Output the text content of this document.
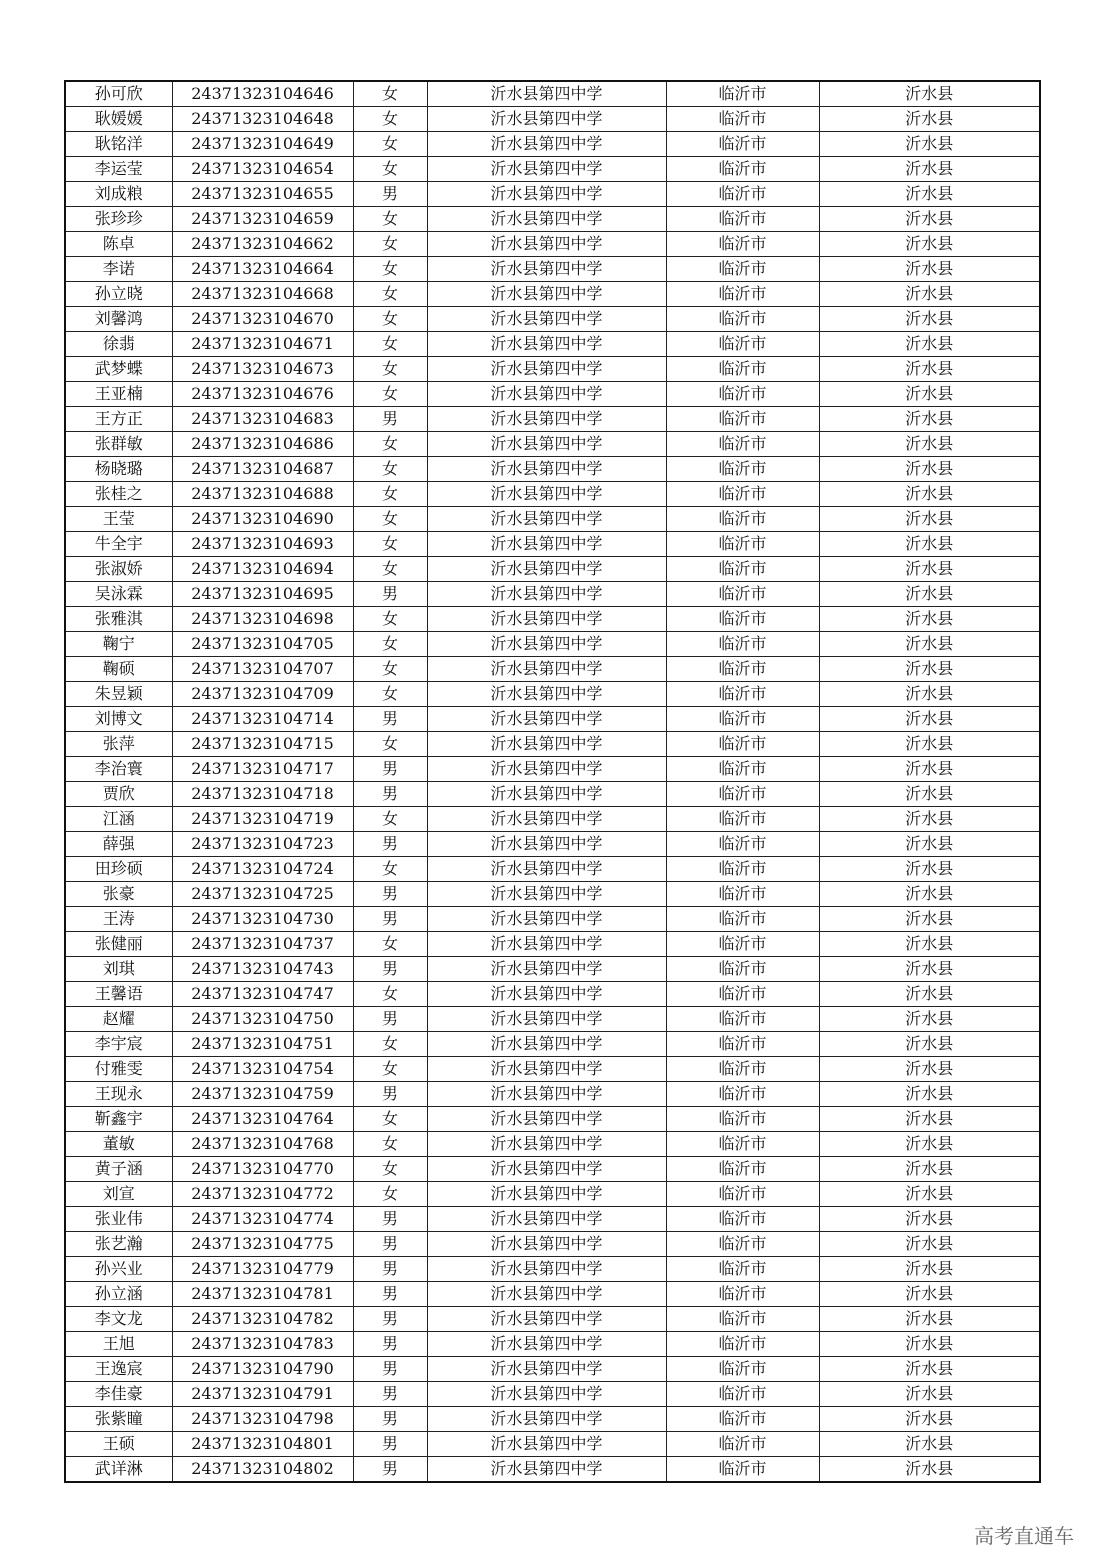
孙可欣	24371323104646	女	沂水县第四中学	临沂市	沂水县
耿媛媛	24371323104648	女	沂水县第四中学	临沂市	沂水县
耿铭洋	24371323104649	女	沂水县第四中学	临沂市	沂水县
李运莹	24371323104654	女	沂水县第四中学	临沂市	沂水县
刘成粮	24371323104655	男	沂水县第四中学	临沂市	沂水县
张珍珍	24371323104659	女	沂水县第四中学	临沂市	沂水县
陈卓	24371323104662	女	沂水县第四中学	临沂市	沂水县
李诺	24371323104664	女	沂水县第四中学	临沂市	沂水县
孙立晓	24371323104668	女	沂水县第四中学	临沂市	沂水县
刘馨鸿	24371323104670	女	沂水县第四中学	临沂市	沂水县
徐翡	24371323104671	女	沂水县第四中学	临沂市	沂水县
武梦蝶	24371323104673	女	沂水县第四中学	临沂市	沂水县
王亚楠	24371323104676	女	沂水县第四中学	临沂市	沂水县
王方正	24371323104683	男	沂水县第四中学	临沂市	沂水县
张群敏	24371323104686	女	沂水县第四中学	临沂市	沂水县
杨晓璐	24371323104687	女	沂水县第四中学	临沂市	沂水县
张桂之	24371323104688	女	沂水县第四中学	临沂市	沂水县
王莹	24371323104690	女	沂水县第四中学	临沂市	沂水县
牛全宇	24371323104693	女	沂水县第四中学	临沂市	沂水县
张淑娇	24371323104694	女	沂水县第四中学	临沂市	沂水县
吴泳霖	24371323104695	男	沂水县第四中学	临沂市	沂水县
张雅淇	24371323104698	女	沂水县第四中学	临沂市	沂水县
鞠宁	24371323104705	女	沂水县第四中学	临沂市	沂水县
鞠硕	24371323104707	女	沂水县第四中学	临沂市	沂水县
朱昱颖	24371323104709	女	沂水县第四中学	临沂市	沂水县
刘博文	24371323104714	男	沂水县第四中学	临沂市	沂水县
张萍	24371323104715	女	沂水县第四中学	临沂市	沂水县
李治寰	24371323104717	男	沂水县第四中学	临沂市	沂水县
贾欣	24371323104718	男	沂水县第四中学	临沂市	沂水县
江涵	24371323104719	女	沂水县第四中学	临沂市	沂水县
薛强	24371323104723	男	沂水县第四中学	临沂市	沂水县
田珍硕	24371323104724	女	沂水县第四中学	临沂市	沂水县
张豪	24371323104725	男	沂水县第四中学	临沂市	沂水县
王涛	24371323104730	男	沂水县第四中学	临沂市	沂水县
张健丽	24371323104737	女	沂水县第四中学	临沂市	沂水县
刘琪	24371323104743	男	沂水县第四中学	临沂市	沂水县
王馨语	24371323104747	女	沂水县第四中学	临沂市	沂水县
赵耀	24371323104750	男	沂水县第四中学	临沂市	沂水县
李宇宸	24371323104751	女	沂水县第四中学	临沂市	沂水县
付雅雯	24371323104754	女	沂水县第四中学	临沂市	沂水县
王现永	24371323104759	男	沂水县第四中学	临沂市	沂水县
靳鑫宇	24371323104764	女	沂水县第四中学	临沂市	沂水县
董敏	24371323104768	女	沂水县第四中学	临沂市	沂水县
黄子涵	24371323104770	女	沂水县第四中学	临沂市	沂水县
刘宣	24371323104772	女	沂水县第四中学	临沂市	沂水县
张业伟	24371323104774	男	沂水县第四中学	临沂市	沂水县
张艺瀚	24371323104775	男	沂水县第四中学	临沂市	沂水县
孙兴业	24371323104779	男	沂水县第四中学	临沂市	沂水县
孙立涵	24371323104781	男	沂水县第四中学	临沂市	沂水县
李文龙	24371323104782	男	沂水县第四中学	临沂市	沂水县
王旭	24371323104783	男	沂水县第四中学	临沂市	沂水县
王逸宸	24371323104790	男	沂水县第四中学	临沂市	沂水县
李佳豪	24371323104791	男	沂水县第四中学	临沂市	沂水县
张紫瞳	24371323104798	男	沂水县第四中学	临沂市	沂水县
王硕	24371323104801	男	沂水县第四中学	临沂市	沂水县
武详淋	24371323104802	男	沂水县第四中学	临沂市	沂水县
高考直通车
